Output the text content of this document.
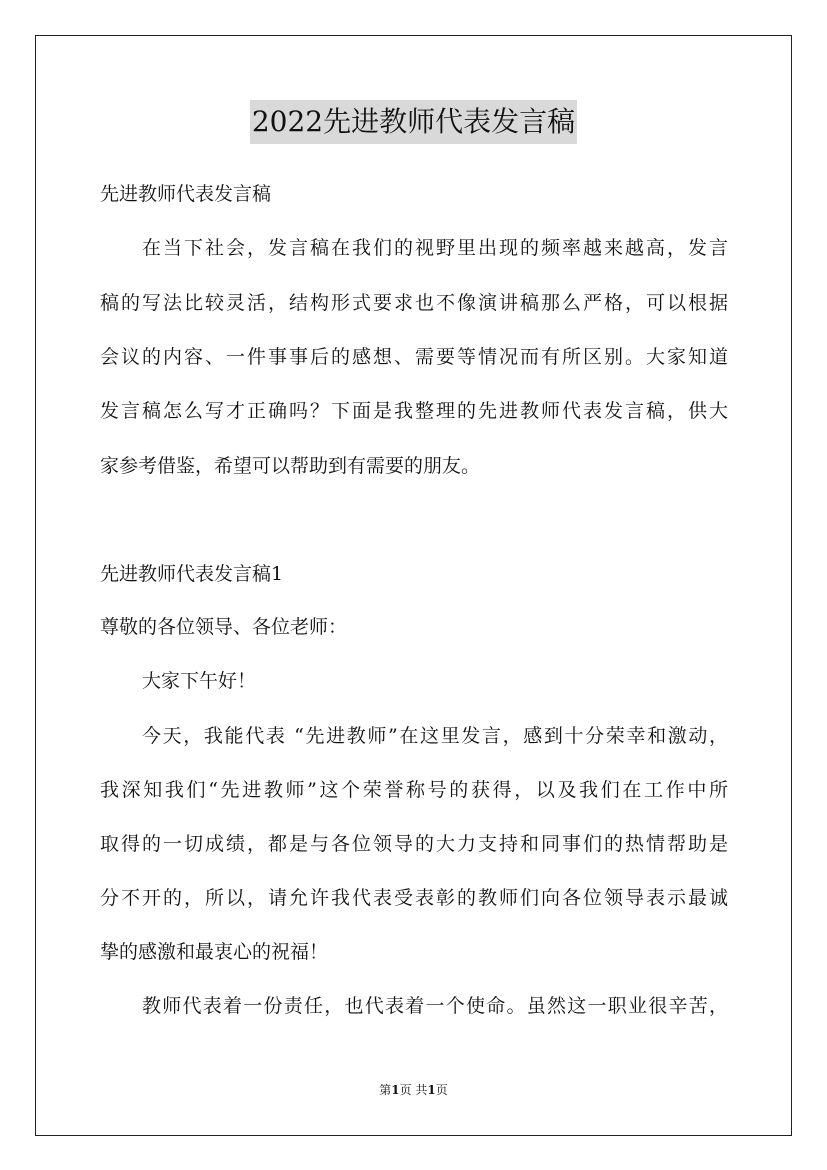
2022先进教师代表发言稿
先进教师代表发言稿
在当下社会，发言稿在我们的视野里出现的频率越来越高，发言
稿的写法比较灵活，结构形式要求也不像演讲稿那么严格，可以根据
会议的内容、一件事事后的感想、需要等情况而有所区别。大家知道
发言稿怎么写才正确吗？下面是我整理的先进教师代表发言稿，供大
家参考借鉴，希望可以帮助到有需要的朋友。
先进教师代表发言稿1
尊敬的各位领导、各位老师：
大家下午好！
今天，我能代表 “先进教师”在这里发言，感到十分荣幸和激动，
我深知我们“先进教师”这个荣誉称号的获得，以及我们在工作中所
取得的一切成绩，都是与各位领导的大力支持和同事们的热情帮助是
分不开的，所以，请允许我代表受表彰的教师们向各位领导表示最诚
挚的感激和最衷心的祝福！
教师代表着一份责任，也代表着一个使命。虽然这一职业很辛苦，
第1页 共1页
